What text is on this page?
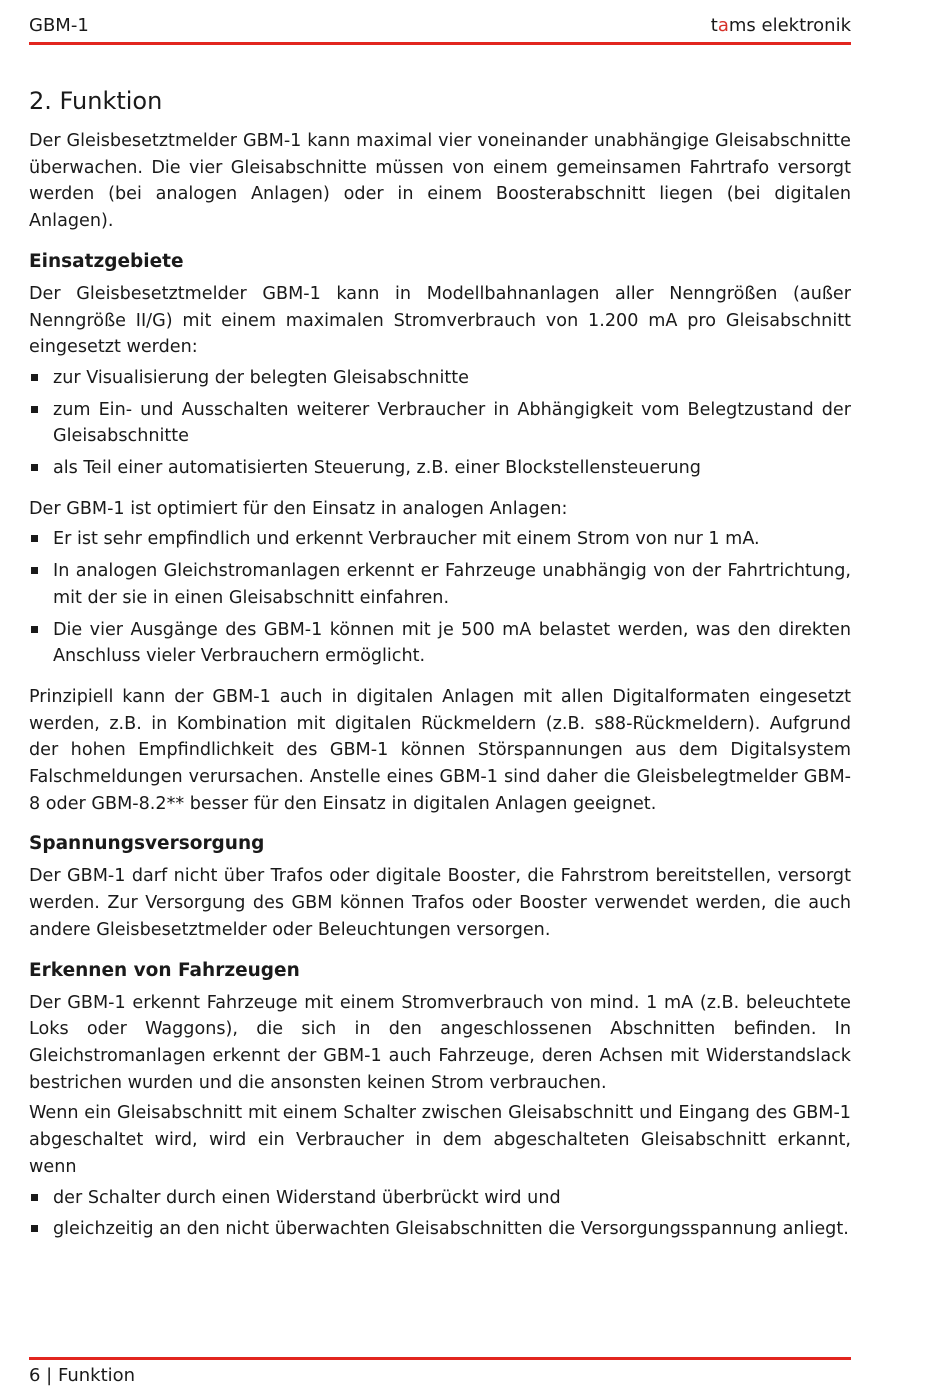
GBM-1	tams elektronik
2. Funktion

Der Gleisbesetztmelder GBM-1 kann maximal vier voneinander unabhängige Gleisabschnitte überwachen. Die vier Gleisabschnitte müssen von einem gemeinsamen Fahrtrafo versorgt werden (bei analogen Anlagen) oder in einem Boosterabschnitt liegen (bei digitalen Anlagen).

Einsatzgebiete

Der Gleisbesetztmelder GBM-1 kann in Modellbahnanlagen aller Nenngrößen (außer Nenngröße II/G) mit einem maximalen Stromverbrauch von 1.200 mA pro Gleisabschnitt eingesetzt werden:

zur Visualisierung der belegten Gleisabschnitte
zum Ein- und Ausschalten weiterer Verbraucher in Abhängigkeit vom Belegtzustand der Gleisabschnitte
als Teil einer automatisierten Steuerung, z.B. einer Blockstellensteuerung

Der GBM-1 ist optimiert für den Einsatz in analogen Anlagen:

Er ist sehr empfindlich und erkennt Verbraucher mit einem Strom von nur 1 mA.
In analogen Gleichstromanlagen erkennt er Fahrzeuge unabhängig von der Fahrtrichtung, mit der sie in einen Gleisabschnitt einfahren.
Die vier Ausgänge des GBM-1 können mit je 500 mA belastet werden, was den direkten Anschluss vieler Verbrauchern ermöglicht.

Prinzipiell kann der GBM-1 auch in digitalen Anlagen mit allen Digitalformaten eingesetzt werden, z.B. in Kombination mit digitalen Rückmeldern (z.B. s88-Rückmeldern). Aufgrund der hohen Empfindlichkeit des GBM-1 können Störspannungen aus dem Digitalsystem Falschmeldungen verursachen. Anstelle eines GBM-1 sind daher die Gleisbelegtmelder GBM-8 oder GBM-8.2** besser für den Einsatz in digitalen Anlagen geeignet.

Spannungsversorgung

Der GBM-1 darf nicht über Trafos oder digitale Booster, die Fahrstrom bereitstellen, versorgt werden. Zur Versorgung des GBM können Trafos oder Booster verwendet werden, die auch andere Gleisbesetztmelder oder Beleuchtungen versorgen.

Erkennen von Fahrzeugen

Der GBM-1 erkennt Fahrzeuge mit einem Stromverbrauch von mind. 1 mA (z.B. beleuchtete Loks oder Waggons), die sich in den angeschlossenen Abschnitten befinden. In Gleichstromanlagen erkennt der GBM-1 auch Fahrzeuge, deren Achsen mit Widerstandslack bestrichen wurden und die ansonsten keinen Strom verbrauchen.

Wenn ein Gleisabschnitt mit einem Schalter zwischen Gleisabschnitt und Eingang des GBM-1 abgeschaltet wird, wird ein Verbraucher in dem abgeschalteten Gleisabschnitt erkannt, wenn

der Schalter durch einen Widerstand überbrückt wird und
gleichzeitig an den nicht überwachten Gleisabschnitten die Versorgungsspannung anliegt.
6 | Funktion
